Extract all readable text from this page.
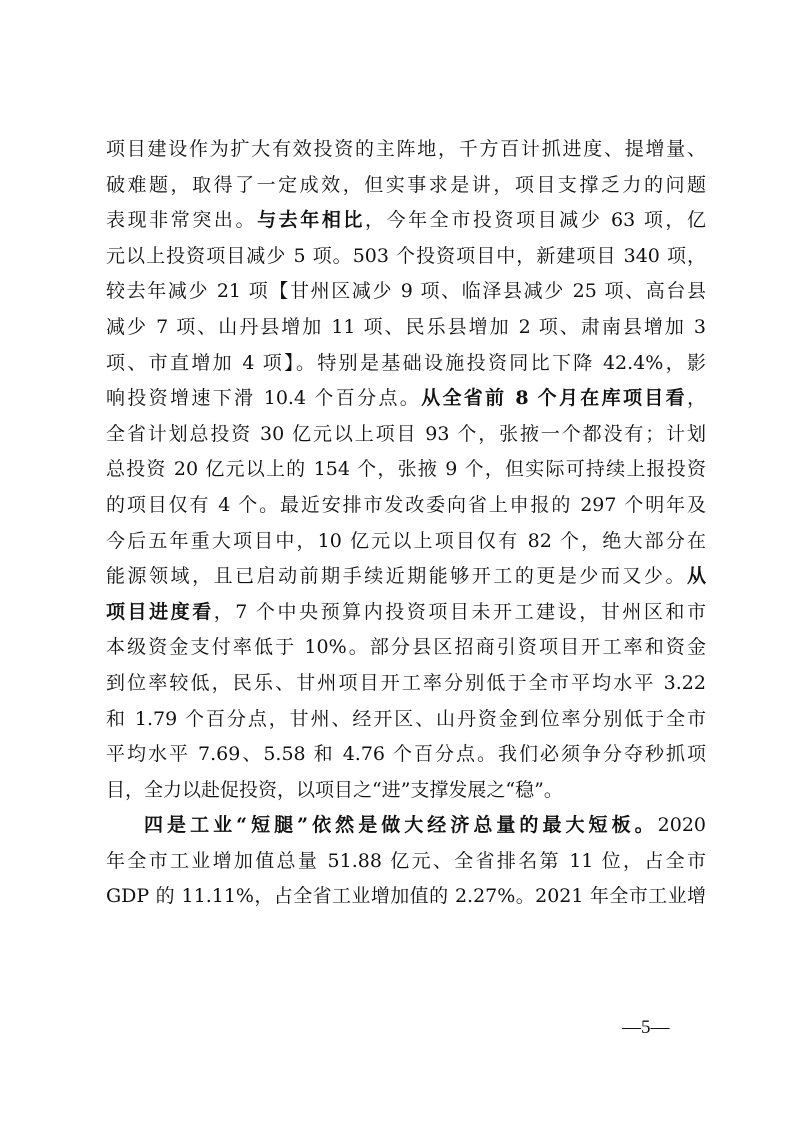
项目建设作为扩大有效投资的主阵地，千方百计抓进度、提增量、
破难题，取得了一定成效，但实事求是讲，项目支撑乏力的问题
表现非常突出。与去年相比，今年全市投资项目减少 63 项，亿
元以上投资项目减少 5 项。503 个投资项目中，新建项目 340 项，
较去年减少 21 项【甘州区减少 9 项、临泽县减少 25 项、高台县
减少 7 项、山丹县增加 11 项、民乐县增加 2 项、肃南县增加 3
项、市直增加 4 项】。特别是基础设施投资同比下降 42.4%，影
响投资增速下滑 10.4 个百分点。从全省前 8 个月在库项目看，
全省计划总投资 30 亿元以上项目 93 个，张掖一个都没有；计划
总投资 20 亿元以上的 154 个，张掖 9 个，但实际可持续上报投资
的项目仅有 4 个。最近安排市发改委向省上申报的 297 个明年及
今后五年重大项目中，10 亿元以上项目仅有 82 个，绝大部分在
能源领域，且已启动前期手续近期能够开工的更是少而又少。从
项目进度看，7 个中央预算内投资项目未开工建设，甘州区和市
本级资金支付率低于 10%。部分县区招商引资项目开工率和资金
到位率较低，民乐、甘州项目开工率分别低于全市平均水平 3.22
和 1.79 个百分点，甘州、经开区、山丹资金到位率分别低于全市
平均水平 7.69、5.58 和 4.76 个百分点。我们必须争分夺秒抓项
目，全力以赴促投资，以项目之“进”支撑发展之“稳”。
四是工业“短腿”依然是做大经济总量的最大短板。2020
年全市工业增加值总量 51.88 亿元、全省排名第 11 位，占全市
GDP 的 11.11%，占全省工业增加值的 2.27%。2021 年全市工业增
—5—
